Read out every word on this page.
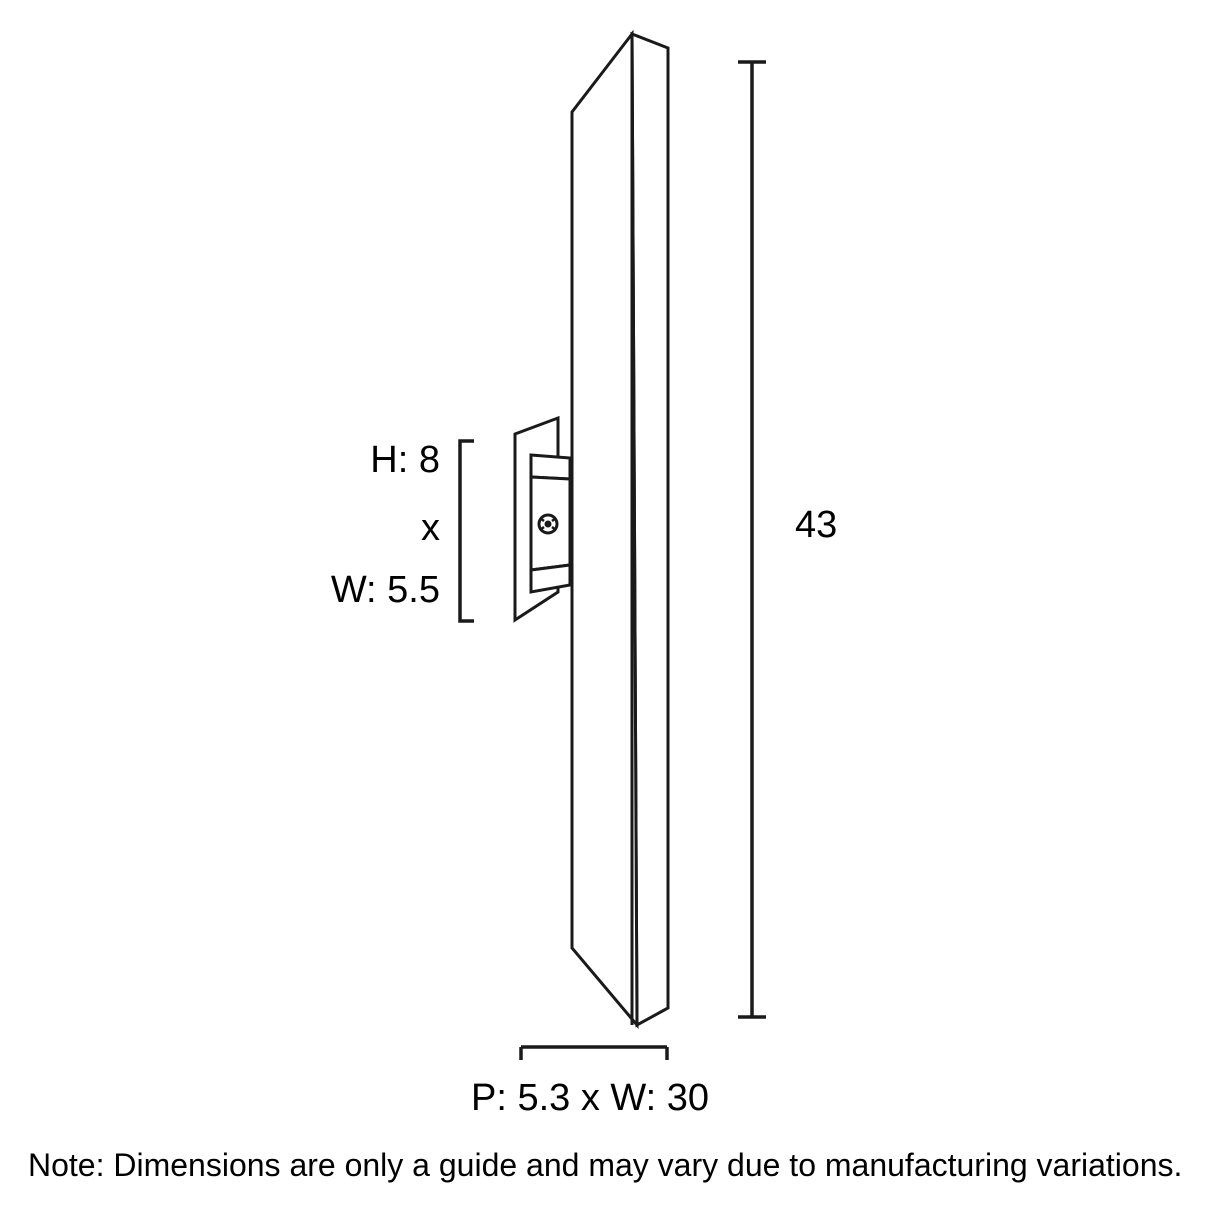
H: 8
x
W: 5.5
43
P: 5.3 x W: 30
Note: Dimensions are only a guide and may vary due to manufacturing variations.
